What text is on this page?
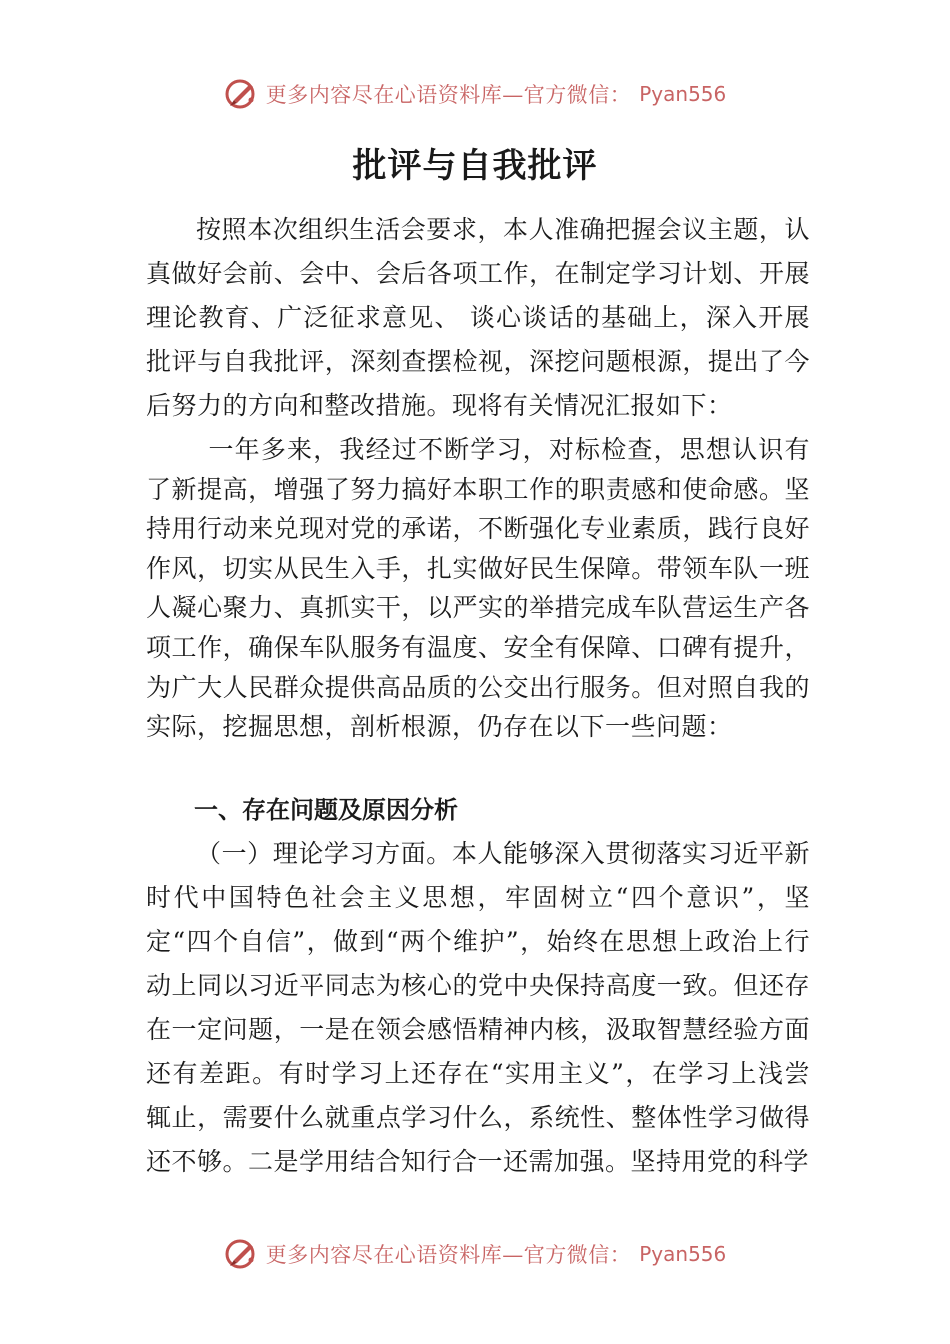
更多内容尽在心语资料库—官方微信： Pyan556
批评与自我批评

按照本次组织生活会要求，本人准确把握会议主题，认真做好会前、会中、会后各项工作，在制定学习计划、开展理论教育、广泛征求意见、 谈心谈话的基础上，深入开展批评与自我批评，深刻查摆检视，深挖问题根源，提出了今后努力的方向和整改措施。现将有关情况汇报如下：

一年多来，我经过不断学习，对标检查，思想认识有了新提高，增强了努力搞好本职工作的职责感和使命感。坚持用行动来兑现对党的承诺，不断强化专业素质，践行良好作风，切实从民生入手，扎实做好民生保障。带领车队一班人凝心聚力、真抓实干，以严实的举措完成车队营运生产各项工作，确保车队服务有温度、安全有保障、口碑有提升， 为广大人民群众提供高品质的公交出行服务。但对照自我的实际，挖掘思想，剖析根源，仍存在以下一些问题：

一、存在问题及原因分析

（一）理论学习方面。本人能够深入贯彻落实习近平新时代中国特色社会主义思想，牢固树立“四个意识”，坚定“四个自信”，做到“两个维护”，始终在思想上政治上行动上同以习近平同志为核心的党中央保持高度一致。但还存在一定问题，一是在领会感悟精神内核，汲取智慧经验方面还有差距。有时学习上还存在“实用主义”，在学习上浅尝辄止，需要什么就重点学习什么，系统性、整体性学习做得还不够。二是学用结合知行合一还需加强。坚持用党的科学

更多内容尽在心语资料库—官方微信： Pyan556
